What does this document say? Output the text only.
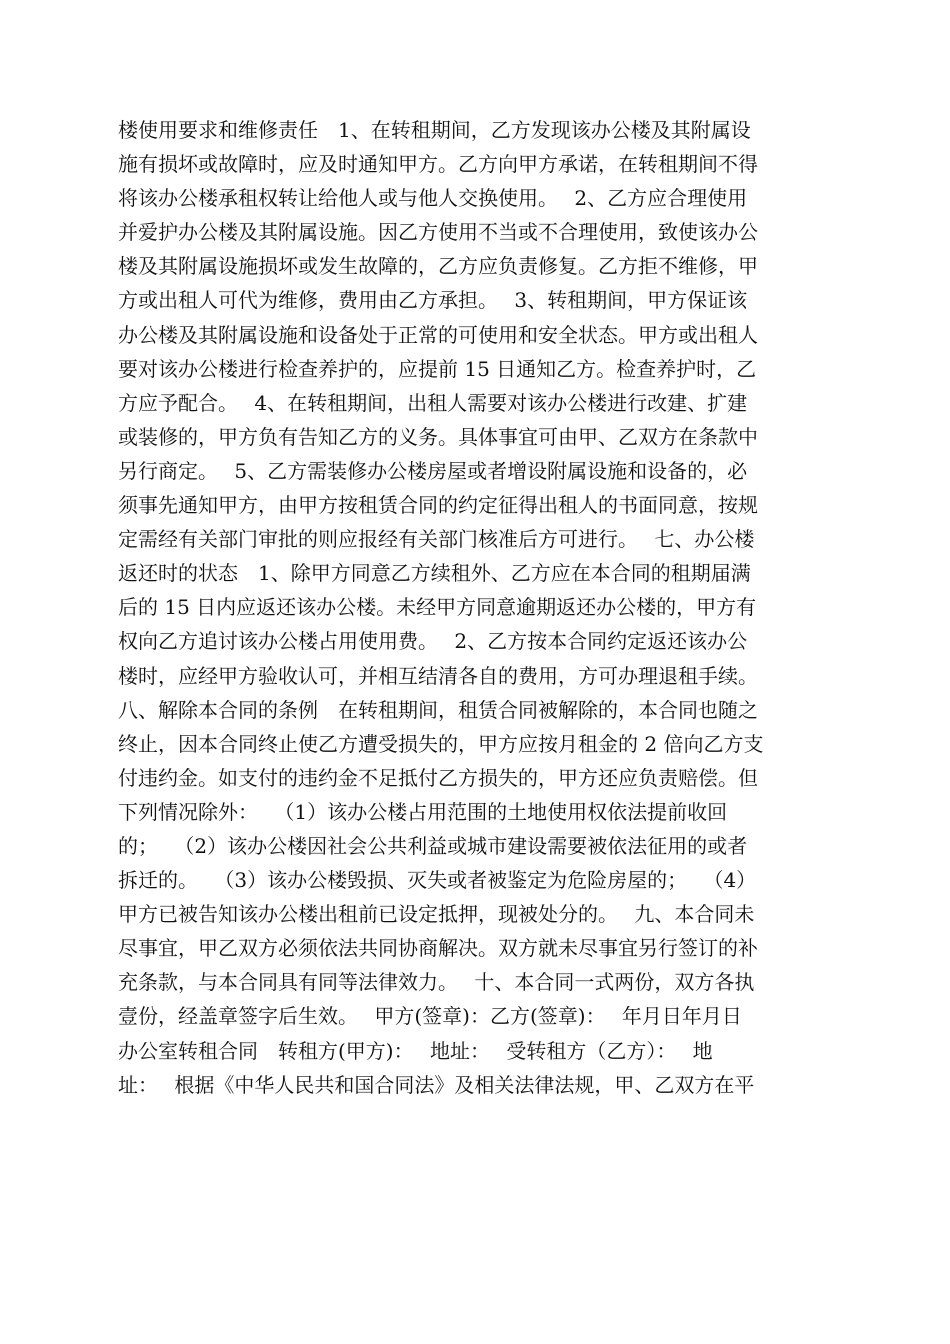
楼使用要求和维修责任　1、在转租期间，乙方发现该办公楼及其附属设
施有损坏或故障时，应及时通知甲方。乙方向甲方承诺，在转租期间不得
将该办公楼承租权转让给他人或与他人交换使用。　 2、乙方应合理使用
并爱护办公楼及其附属设施。因乙方使用不当或不合理使用，致使该办公
楼及其附属设施损坏或发生故障的，乙方应负责修复。乙方拒不维修，甲
方或出租人可代为维修，费用由乙方承担。　 3、转租期间，甲方保证该
办公楼及其附属设施和设备处于正常的可使用和安全状态。甲方或出租人
要对该办公楼进行检查养护的，应提前 15 日通知乙方。检查养护时，乙
方应予配合。　 4、在转租期间，出租人需要对该办公楼进行改建、扩建
或装修的，甲方负有告知乙方的义务。具体事宜可由甲、乙双方在条款中
另行商定。　 5、乙方需装修办公楼房屋或者增设附属设施和设备的，必
须事先通知甲方，由甲方按租赁合同的约定征得出租人的书面同意，按规
定需经有关部门审批的则应报经有关部门核准后方可进行。　 七、办公楼
返还时的状态　1、除甲方同意乙方续租外、乙方应在本合同的租期届满
后的 15 日内应返还该办公楼。未经甲方同意逾期返还办公楼的，甲方有
权向乙方追讨该办公楼占用使用费。　 2、乙方按本合同约定返还该办公
楼时，应经甲方验收认可，并相互结清各自的费用，方可办理退租手续。
八、解除本合同的条例　在转租期间，租赁合同被解除的，本合同也随之
终止，因本合同终止使乙方遭受损失的，甲方应按月租金的 2 倍向乙方支
付违约金。如支付的违约金不足抵付乙方损失的，甲方还应负责赔偿。但
下列情况除外：　 （1）该办公楼占用范围的土地使用权依法提前收回
的；　 （2）该办公楼因社会公共利益或城市建设需要被依法征用的或者
拆迁的。　 （3）该办公楼毁损、灭失或者被鉴定为危险房屋的；　 （4）
甲方已被告知该办公楼出租前已设定抵押，现被处分的。　 九、本合同未
尽事宜，甲乙双方必须依法共同协商解决。双方就未尽事宜另行签订的补
充条款，与本合同具有同等法律效力。　 十、本合同一式两份，双方各执
壹份，经盖章签字后生效。　 甲方(签章)：乙方(签章)：　 年月日年月日
办公室转租合同　转租方(甲方)：　 地址：　 受转租方（乙方）：　 地
址：　 根据《中华人民共和国合同法》及相关法律法规，甲、乙双方在平
